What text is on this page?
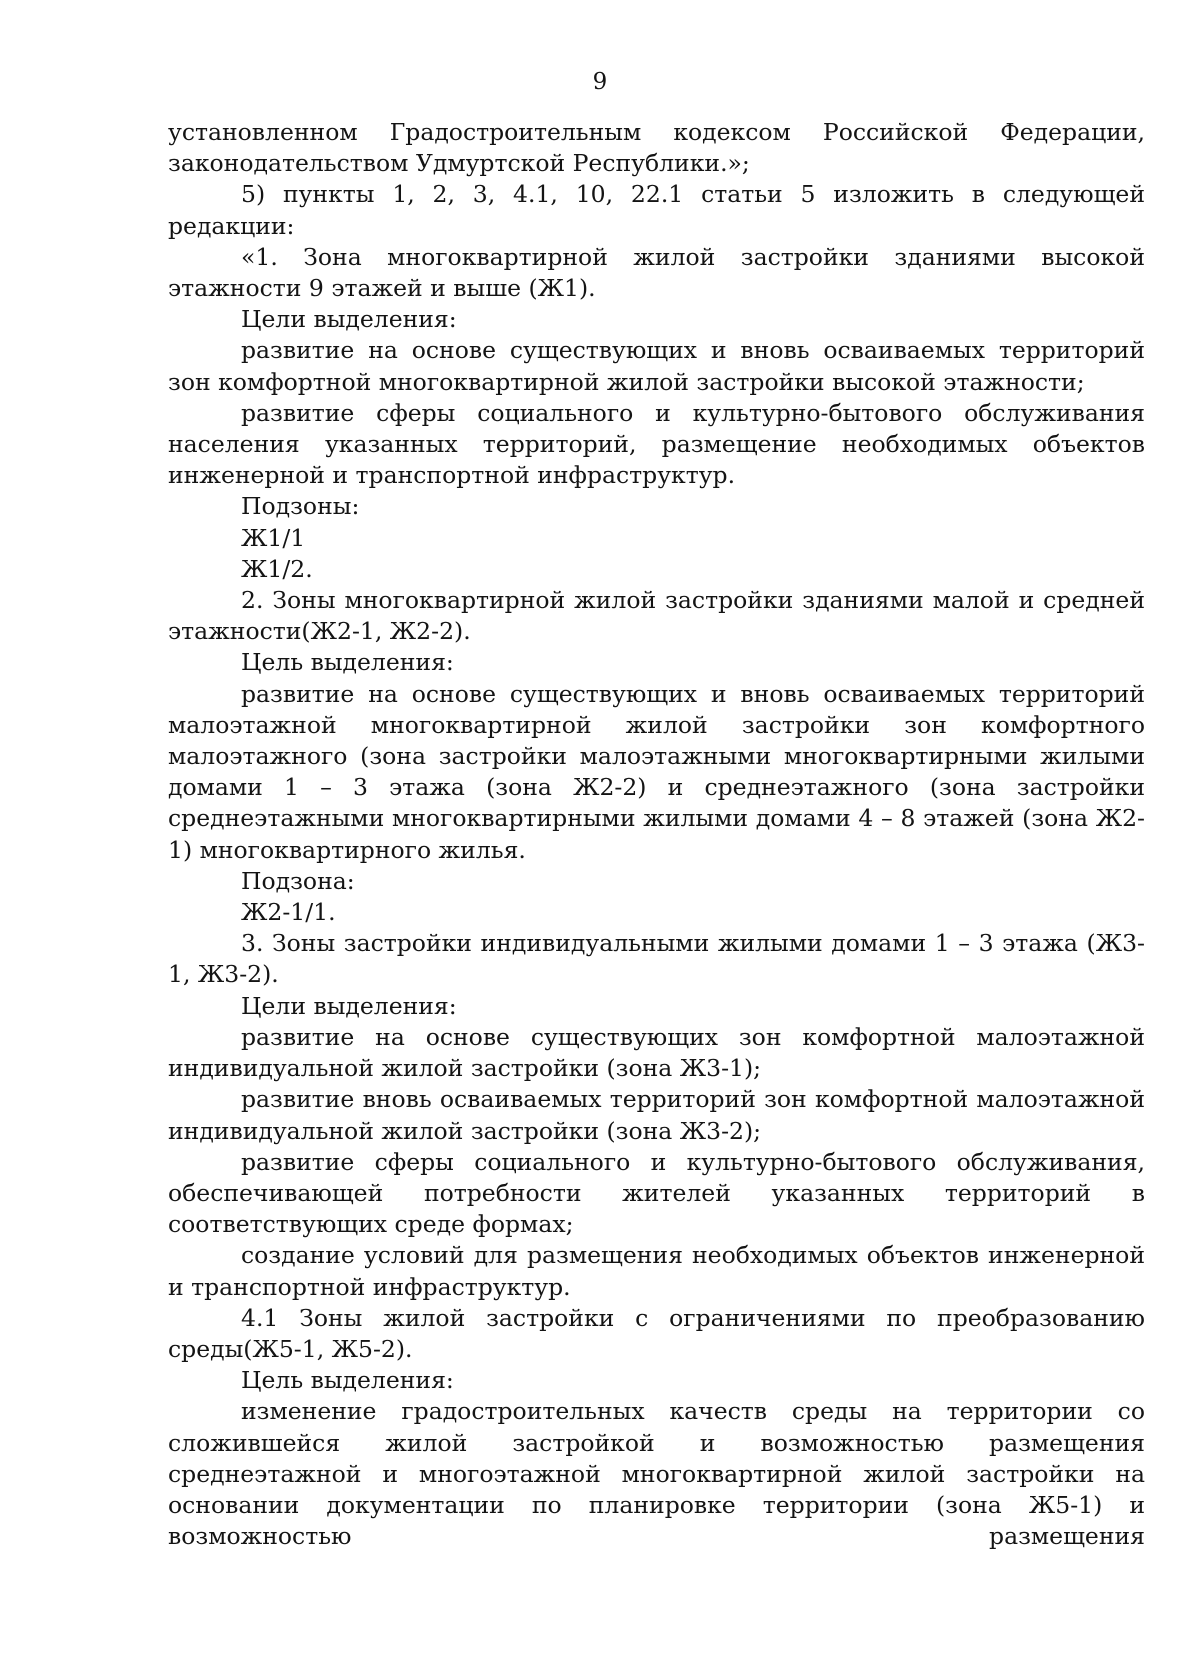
9

установленном Градостроительным кодексом Российской Федерации, законодательством Удмуртской Республики.»;

5) пункты 1, 2, 3, 4.1, 10, 22.1 статьи 5 изложить в следующей редакции:

«1. Зона многоквартирной жилой застройки зданиями высокой этажности 9 этажей и выше (Ж1).

Цели выделения:

развитие на основе существующих и вновь осваиваемых территорий зон комфортной многоквартирной жилой застройки высокой этажности;

развитие сферы социального и культурно-бытового обслуживания населения указанных территорий, размещение необходимых объектов инженерной и транспортной инфраструктур.

Подзоны:

Ж1/1

Ж1/2.

2. Зоны многоквартирной жилой застройки зданиями малой и средней этажности(Ж2-1, Ж2-2).

Цель выделения:

развитие на основе существующих и вновь осваиваемых территорий малоэтажной многоквартирной жилой застройки зон комфортного малоэтажного (зона застройки малоэтажными многоквартирными жилыми домами 1 – 3 этажа (зона Ж2-2) и среднеэтажного (зона застройки среднеэтажными многоквартирными жилыми домами 4 – 8 этажей (зона Ж2-1) многоквартирного жилья.

Подзона:

Ж2-1/1.

3. Зоны застройки индивидуальными жилыми домами 1 – 3 этажа (Ж3-1, Ж3-2).

Цели выделения:

развитие на основе существующих зон комфортной малоэтажной индивидуальной жилой застройки (зона Ж3-1);

развитие вновь осваиваемых территорий зон комфортной малоэтажной индивидуальной жилой застройки (зона Ж3-2);

развитие сферы социального и культурно-бытового обслуживания, обеспечивающей потребности жителей указанных территорий в соответствующих среде формах;

создание условий для размещения необходимых объектов инженерной и транспортной инфраструктур.

4.1 Зоны жилой застройки с ограничениями по преобразованию среды(Ж5-1, Ж5-2).

Цель выделения:

изменение градостроительных качеств среды на территории со сложившейся жилой застройкой и возможностью размещения среднеэтажной и многоэтажной многоквартирной жилой застройки на основании документации по планировке территории (зона Ж5-1) и возможностью размещения
